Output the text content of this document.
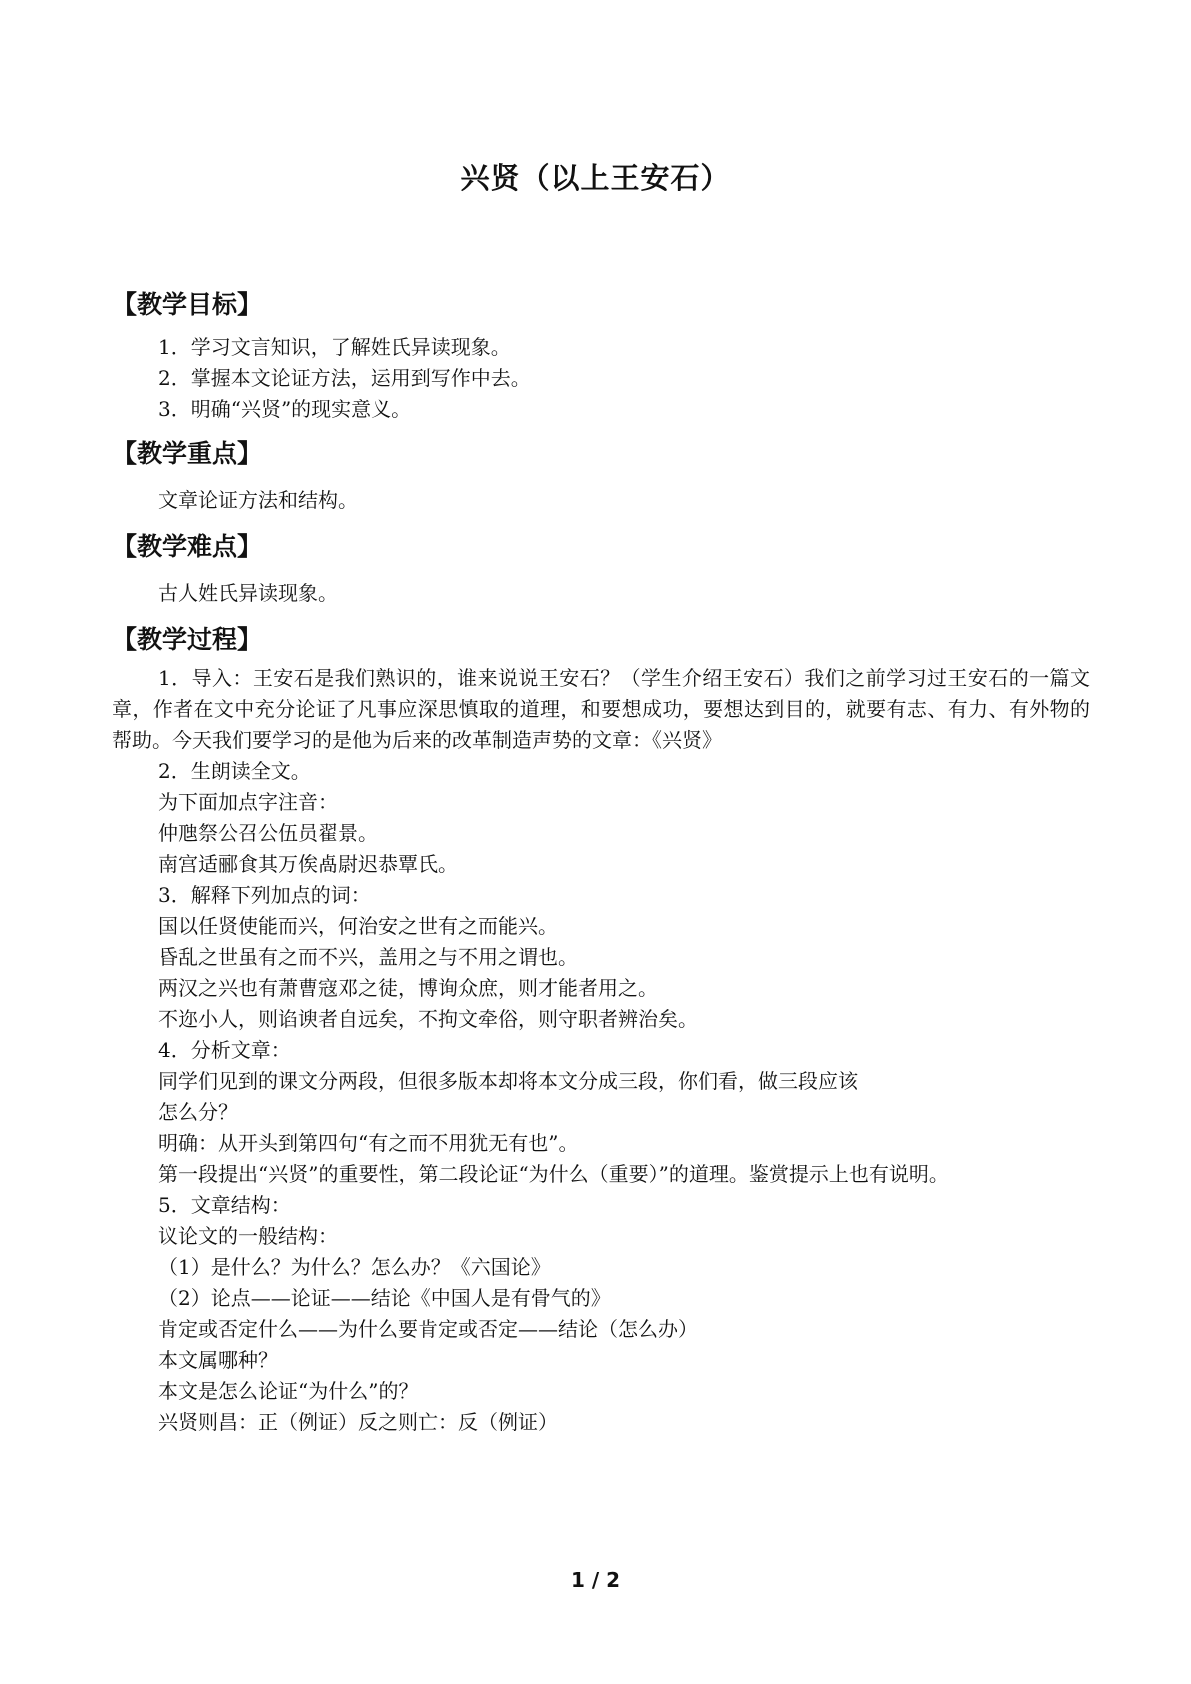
兴贤（以上王安石）
【教学目标】
1．学习文言知识，了解姓氏异读现象。
2．掌握本文论证方法，运用到写作中去。
3．明确“兴贤”的现实意义。
【教学重点】
文章论证方法和结构。
【教学难点】
古人姓氏异读现象。
【教学过程】

1．导入：王安石是我们熟识的，谁来说说王安石？（学生介绍王安石）我们之前学习过王安石的一篇文章，作者在文中充分论证了凡事应深思慎取的道理，和要想成功，要想达到目的，就要有志、有力、有外物的帮助。今天我们要学习的是他为后来的改革制造声势的文章：《兴贤》

2．生朗读全文。
为下面加点字注音：
仲虺祭公召公伍员翟景。
南宫适郦食其万俟卨尉迟恭覃氏。
3．解释下列加点的词：
国以任贤使能而兴，何治安之世有之而能兴。
昏乱之世虽有之而不兴，盖用之与不用之谓也。
两汉之兴也有萧曹寇邓之徒，博询众庶，则才能者用之。
不迩小人，则谄谀者自远矣，不拘文牵俗，则守职者辨治矣。
4．分析文章：
同学们见到的课文分两段，但很多版本却将本文分成三段，你们看，做三段应该
怎么分？
明确：从开头到第四句“有之而不用犹无有也”。

第一段提出“兴贤”的重要性，第二段论证“为什么（重要）”的道理。鉴赏提示上也有说明。

5．文章结构：
议论文的一般结构：
（1）是什么？为什么？怎么办？《六国论》
（2）论点——论证——结论《中国人是有骨气的》
肯定或否定什么——为什么要肯定或否定——结论（怎么办）
本文属哪种？
本文是怎么论证“为什么”的？
兴贤则昌：正（例证）反之则亡：反（例证）
1 / 2
